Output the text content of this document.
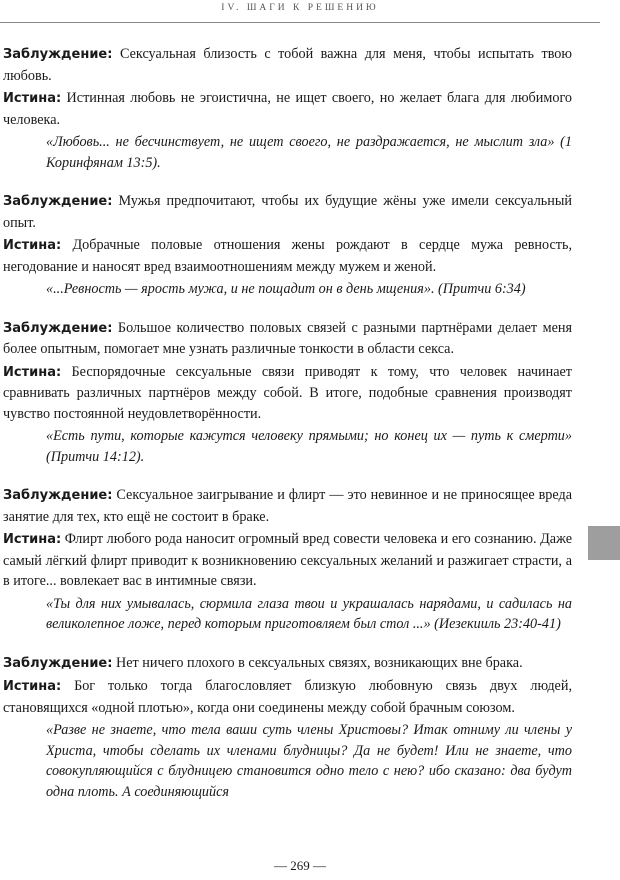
IV. ШАГИ К РЕШЕНИЮ

Заблуждение: Сексуальная близость с тобой важна для меня, чтобы испытать твою любовь.

Истина: Истинная любовь не эгоистична, не ищет своего, но желает блага для любимого человека.

«Любовь... не бесчинствует, не ищет своего, не раздражается, не мыслит зла» (1 Коринфянам 13:5).

Заблуждение: Мужья предпочитают, чтобы их будущие жёны уже имели сексуальный опыт.

Истина: Добрачные половые отношения жены рождают в сердце мужа ревность, негодование и наносят вред взаимоотношениям между мужем и женой.

«...Ревность — ярость мужа, и не пощадит он в день мщения». (Притчи 6:34)

Заблуждение: Большое количество половых связей с разными партнёрами делает меня более опытным, помогает мне узнать различные тонкости в области секса.

Истина: Беспорядочные сексуальные связи приводят к тому, что человек начинает сравнивать различных партнёров между собой. В итоге, подобные сравнения производят чувство постоянной неудовлетворённости.

«Есть пути, которые кажутся человеку прямыми; но конец их — путь к смерти» (Притчи 14:12).

Заблуждение: Сексуальное заигрывание и флирт — это невинное и не приносящее вреда занятие для тех, кто ещё не состоит в браке.

Истина: Флирт любого рода наносит огромный вред совести человека и его сознанию. Даже самый лёгкий флирт приводит к возникновению сексуальных желаний и разжигает страсти, а в итоге... вовлекает вас в интимные связи.

«Ты для них умывалась, сюрмила глаза твои и украшалась нарядами, и садилась на великолепное ложе, перед которым приготовляем был стол ...» (Иезекииль 23:40-41)

Заблуждение: Нет ничего плохого в сексуальных связях, возникающих вне брака.

Истина: Бог только тогда благословляет близкую любовную связь двух людей, становящихся «одной плотью», когда они соединены между собой брачным союзом.

«Разве не знаете, что тела ваши суть члены Христовы? Итак отниму ли члены у Христа, чтобы сделать их членами блудницы? Да не будет! Или не знаете, что совокупляющийся с блудницею становится одно тело с нею? ибо сказано: два будут одна плоть. А соединяющийся

— 269 —
